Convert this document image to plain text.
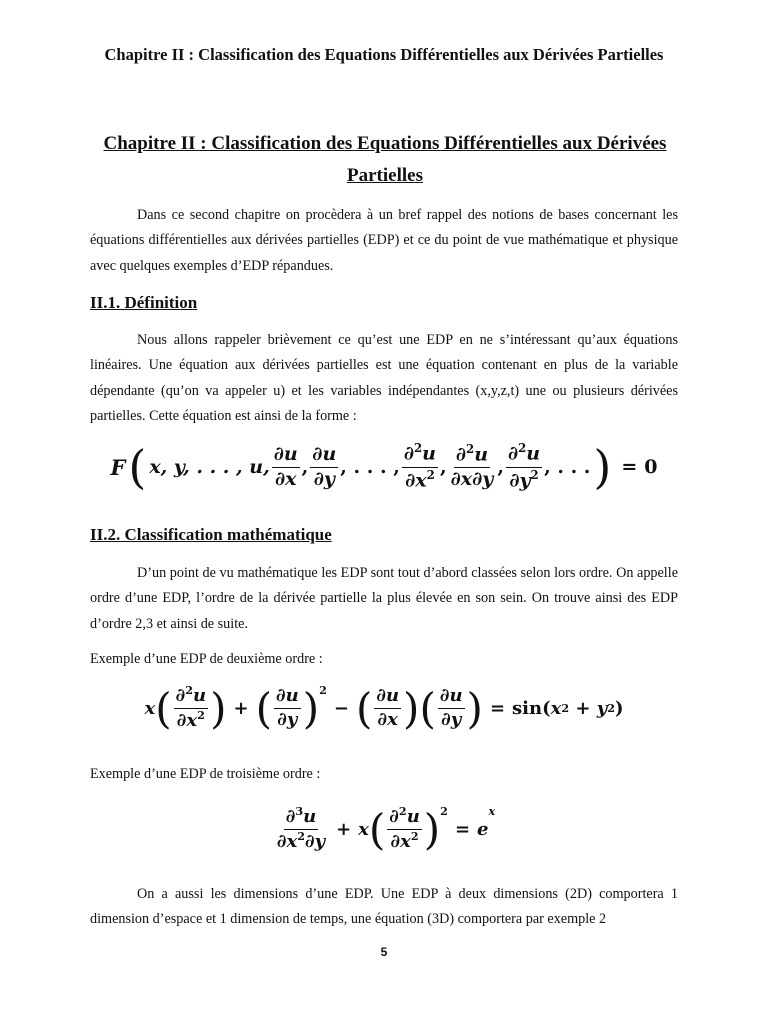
Chapitre II : Classification des Equations Différentielles aux Dérivées Partielles
Chapitre II : Classification des Equations Différentielles aux Dérivées Partielles
Dans ce second chapitre on procèdera à un bref rappel des notions de bases concernant les équations différentielles aux dérivées partielles (EDP) et ce du point de vue mathématique et physique avec quelques exemples d’EDP répandues.
II.1. Définition
Nous allons rappeler brièvement ce qu’est une EDP en ne s’intéressant qu’aux équations linéaires. Une équation aux dérivées partielles est une équation contenant en plus de la variable dépendante (qu’on va appeler u) et les variables indépendantes (x,y,z,t) une ou plusieurs dérivées partielles. Cette équation est ainsi de la forme :
F ( x, y, . . . , u, $\frac{\partial u}{\partial x}$ , $\frac{\partial u}{\partial y}$ , . . . , $\frac{\partial^2u}{\partial x^2}$ , $\frac{\partial^2u}{\partial x\partial y}$ , $\frac{\partial^2u}{\partial y^2}$ , . . . ) = 0
II.2. Classification mathématique
D’un point de vu mathématique les EDP sont tout d’abord classées selon lors ordre. On appelle ordre d’une EDP, l’ordre de la dérivée partielle la plus élevée en son sein. On trouve ainsi des EDP d’ordre 2,3 et ainsi de suite.
Exemple d’une EDP de deuxième ordre :
x ( $\frac{\partial^2u}{\partial x^2}$ ) + ( $\frac{\partial u}{\partial y} )^2$
− ( $\frac{\partial u}{\partial x}$ ) ( $\frac{\partial u}{\partial y}$ ) = sin( x 2 + y 2 )
Exemple d’une EDP de troisième ordre :
$\frac{\partial^3u}{\partial x^2\partial y} + x$ ( $\frac{\partial^2u}{\partial x^2} )^2$
= e
x
On a aussi les dimensions d’une EDP. Une EDP à deux dimensions (2D) comportera 1 dimension d’espace et 1 dimension de temps, une équation (3D) comportera par exemple 2
5
